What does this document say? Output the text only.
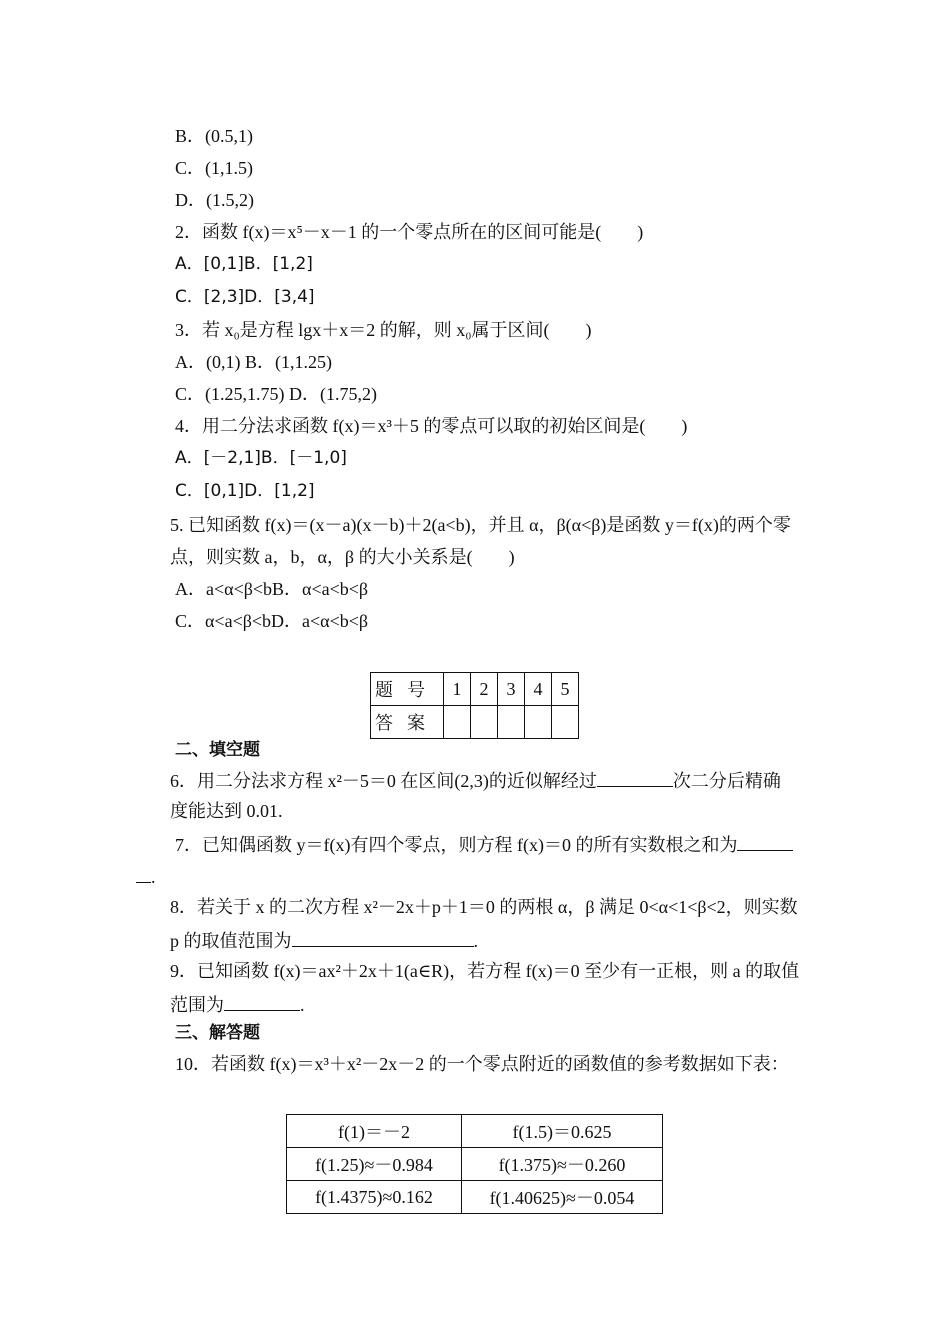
B．(0.5,1)
C．(1,1.5)
D．(1.5,2)
2．函数 f(x)＝x⁵－x－1 的一个零点所在的区间可能是(　　)
A．[0,1]B．[1,2]
C．[2,3]D．[3,4]
3．若 x₀是方程 lgx＋x＝2 的解，则 x₀属于区间(　　)
A．(0,1) B．(1,1.25)
C．(1.25,1.75) D．(1.75,2)
4．用二分法求函数 f(x)＝x³＋5 的零点可以取的初始区间是(　　)
A．[－2,1]B．[－1,0]
C．[0,1]D．[1,2]
5. 已知函数 f(x)＝(x－a)(x－b)＋2(a<b)，并且 α，β(α<β)是函数 y＝f(x)的两个零
点，则实数 a，b，α，β 的大小关系是(　　)
A．a<α<β<bB．α<a<b<β
C．α<a<β<bD．a<α<b<β
题号	1	2	3	4	5
答案					
二、填空题
6．用二分法求方程 x²－5＝0 在区间(2,3)的近似解经过	次二分后精确
度能达到 0.01.
7．已知偶函数 y＝f(x)有四个零点，则方程 f(x)＝0 的所有实数根之和为
.
8．若关于 x 的二次方程 x²－2x＋p＋1＝0 的两根 α，β 满足 0<α<1<β<2，则实数
p 的取值范围为	.
9．已知函数 f(x)＝ax²＋2x＋1(a∈R)，若方程 f(x)＝0 至少有一正根，则 a 的取值
范围为	.
三、解答题
10．若函数 f(x)＝x³＋x²－2x－2 的一个零点附近的函数值的参考数据如下表：
f(1)＝－2	f(1.5)＝0.625
f(1.25)≈－0.984	f(1.375)≈－0.260
f(1.4375)≈0.162	f(1.40625)≈－0.054
